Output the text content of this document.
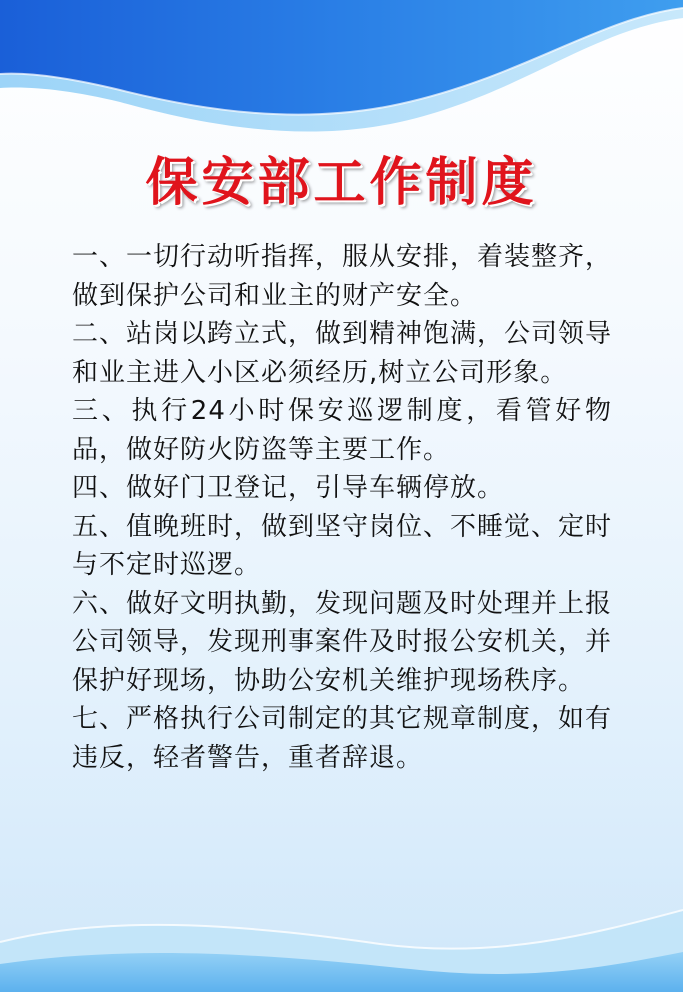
保安部工作制度
一、一切行动听指挥，服从安排，着装整齐，做到保护公司和业主的财产安全。
二、站岗以跨立式，做到精神饱满，公司领导和业主进入小区必须经历,树立公司形象。
三、执行24小时保安巡逻制度，看管好物品，做好防火防盗等主要工作。
四、做好门卫登记，引导车辆停放。
五、值晚班时，做到坚守岗位、不睡觉、定时与不定时巡逻。
六、做好文明执勤，发现问题及时处理并上报公司领导，发现刑事案件及时报公安机关，并保护好现场，协助公安机关维护现场秩序。
七、严格执行公司制定的其它规章制度，如有违反，轻者警告，重者辞退。
